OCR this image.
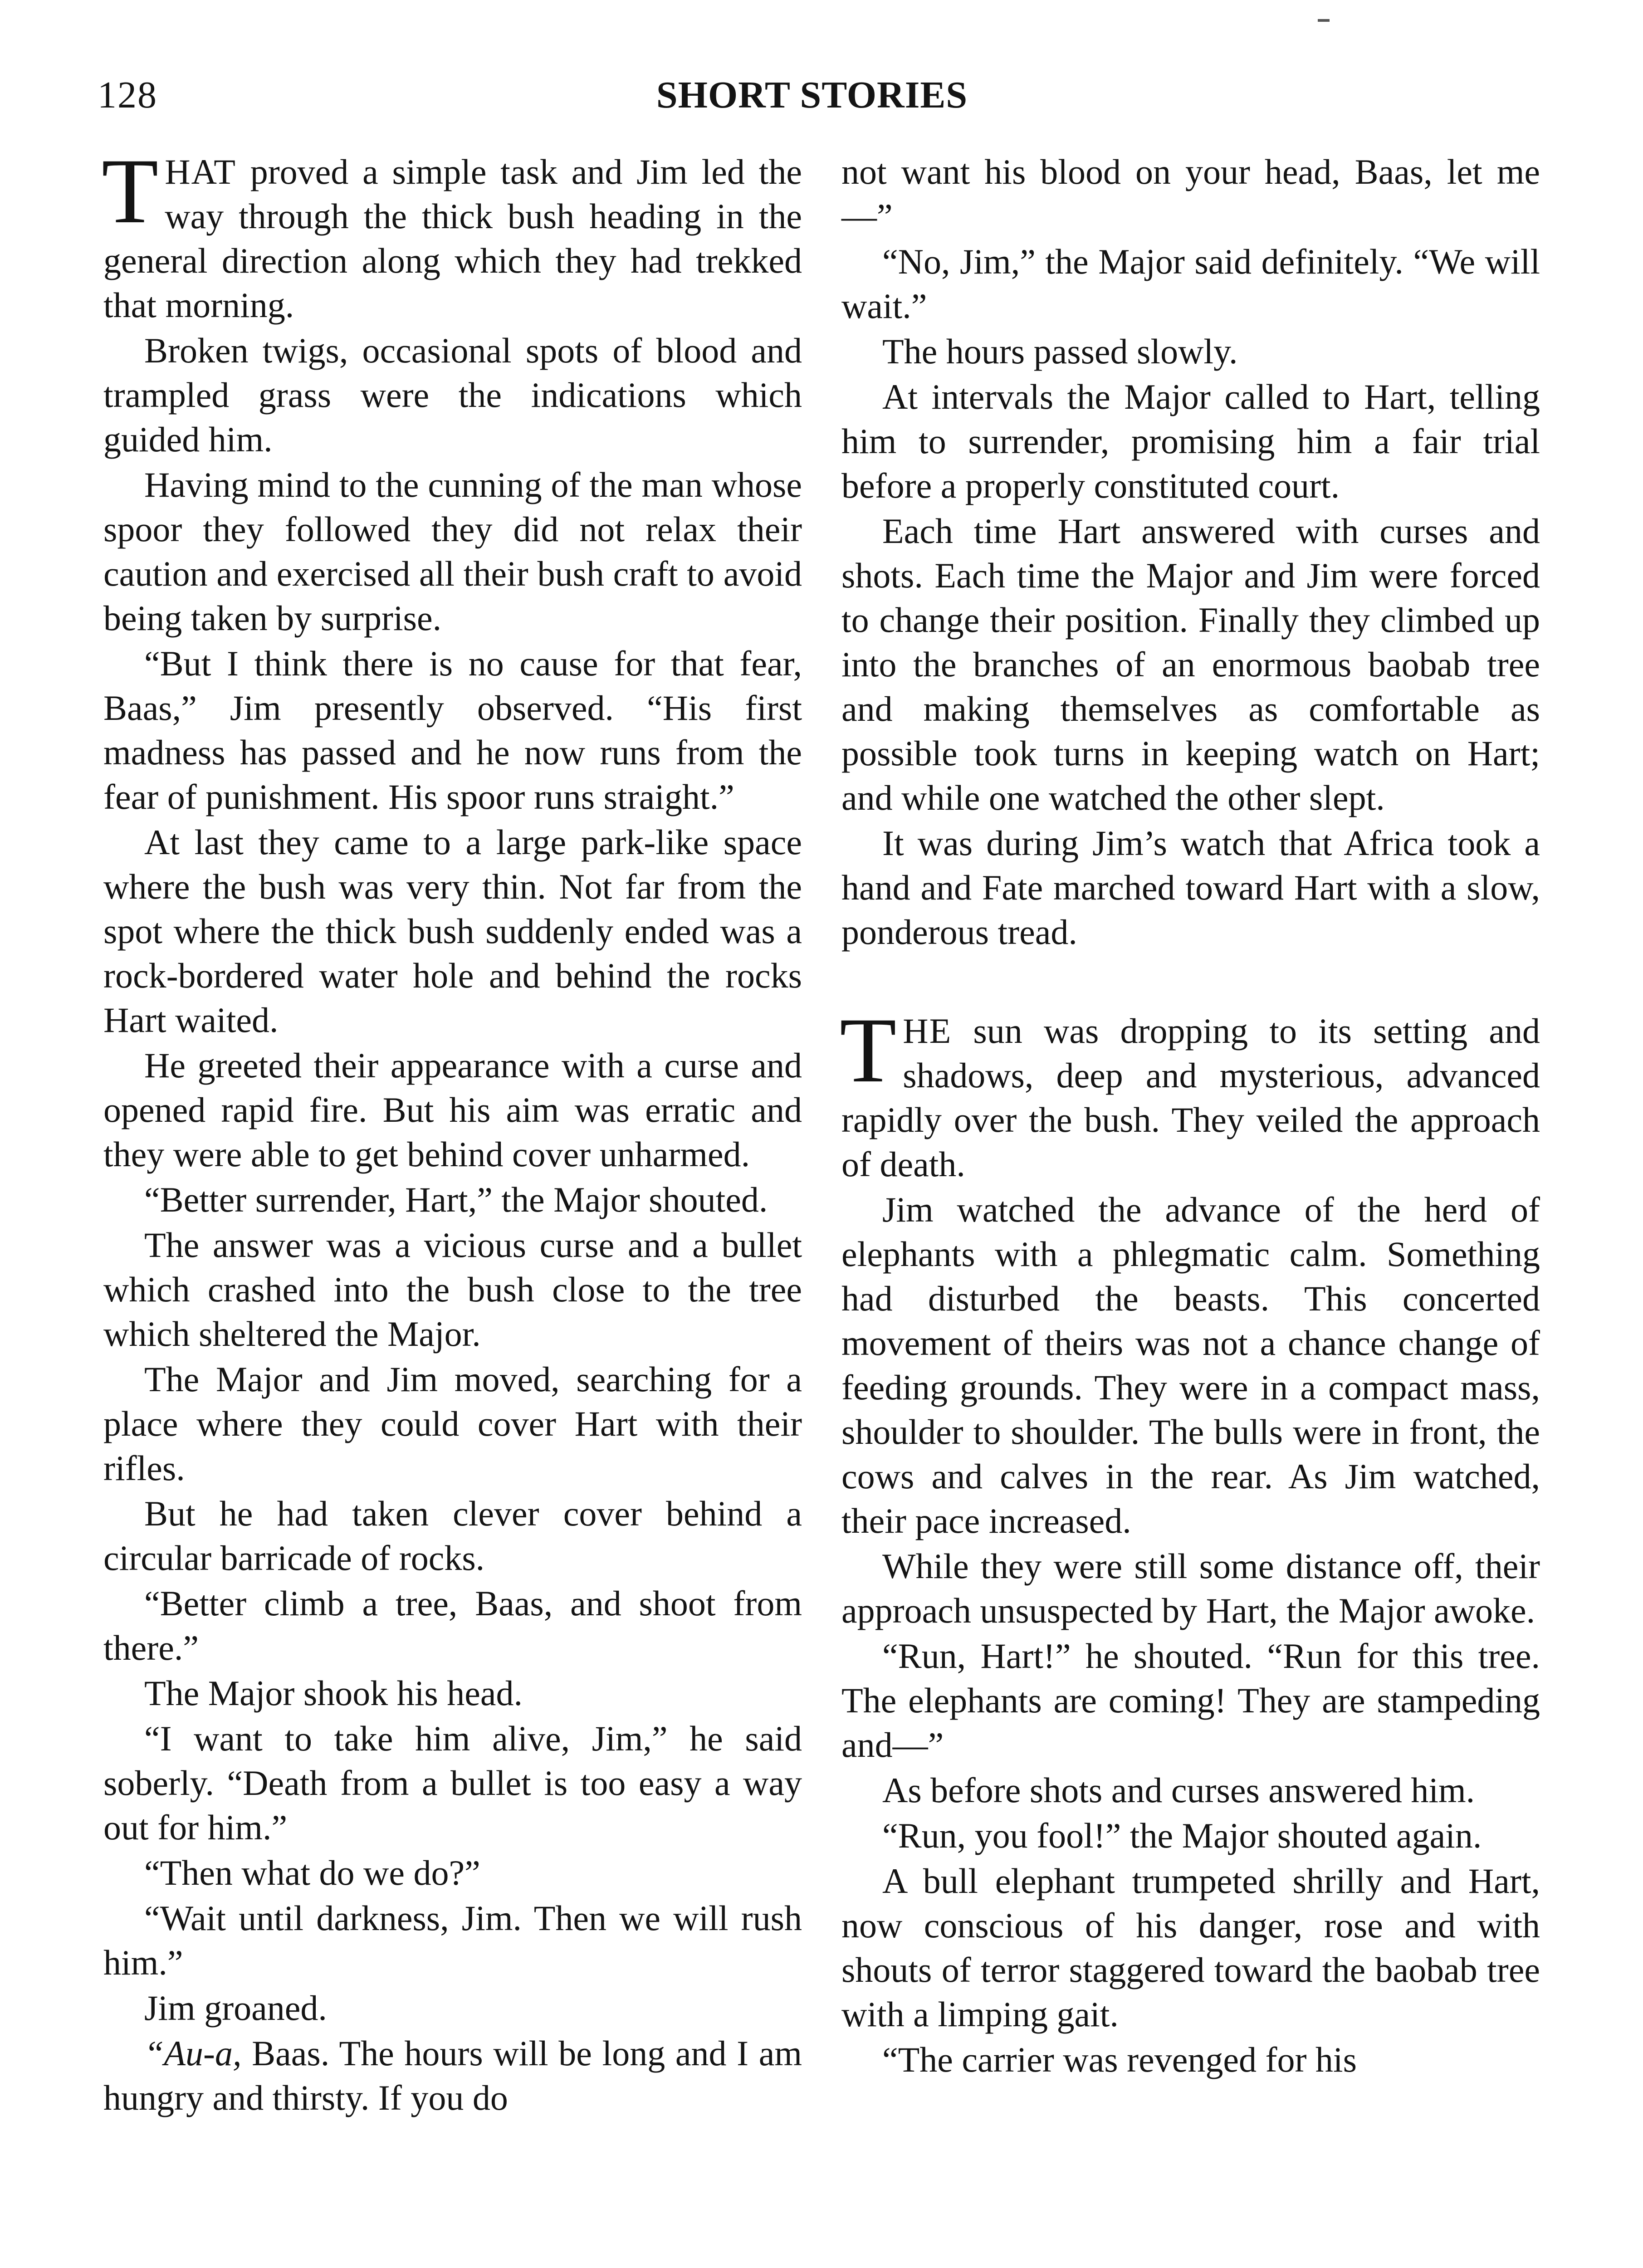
128	SHORT STORIES

THAT proved a simple task and Jim led the way through the thick bush heading in the general direction along which they had trekked that morning.

Broken twigs, occasional spots of blood and trampled grass were the indications which guided him.

Having mind to the cunning of the man whose spoor they followed they did not relax their caution and exercised all their bush craft to avoid being taken by surprise.

“But I think there is no cause for that fear, Baas,” Jim presently observed. “His first madness has passed and he now runs from the fear of punishment. His spoor runs straight.”

At last they came to a large park-like space where the bush was very thin. Not far from the spot where the thick bush suddenly ended was a rock-bordered water hole and behind the rocks Hart waited.

He greeted their appearance with a curse and opened rapid fire. But his aim was erratic and they were able to get behind cover unharmed.

“Better surrender, Hart,” the Major shouted.

The answer was a vicious curse and a bullet which crashed into the bush close to the tree which sheltered the Major.

The Major and Jim moved, searching for a place where they could cover Hart with their rifles.

But he had taken clever cover behind a circular barricade of rocks.

“Better climb a tree, Baas, and shoot from there.”

The Major shook his head.

“I want to take him alive, Jim,” he said soberly. “Death from a bullet is too easy a way out for him.”

“Then what do we do?”

“Wait until darkness, Jim. Then we will rush him.”

Jim groaned.

“Au-a, Baas. The hours will be long and I am hungry and thirsty. If you do

not want his blood on your head, Baas, let me—”

“No, Jim,” the Major said definitely. “We will wait.”

The hours passed slowly.

At intervals the Major called to Hart, telling him to surrender, promising him a fair trial before a properly constituted court.

Each time Hart answered with curses and shots. Each time the Major and Jim were forced to change their position. Finally they climbed up into the branches of an enormous baobab tree and making themselves as comfortable as possible took turns in keeping watch on Hart; and while one watched the other slept.

It was during Jim’s watch that Africa took a hand and Fate marched toward Hart with a slow, ponderous tread.

THE sun was dropping to its setting and shadows, deep and mysterious, advanced rapidly over the bush. They veiled the approach of death.

Jim watched the advance of the herd of elephants with a phlegmatic calm. Something had disturbed the beasts. This concerted movement of theirs was not a chance change of feeding grounds. They were in a compact mass, shoulder to shoulder. The bulls were in front, the cows and calves in the rear. As Jim watched, their pace increased.

While they were still some distance off, their approach unsuspected by Hart, the Major awoke.

“Run, Hart!” he shouted. “Run for this tree. The elephants are coming! They are stampeding and—”

As before shots and curses answered him.

“Run, you fool!” the Major shouted again.

A bull elephant trumpeted shrilly and Hart, now conscious of his danger, rose and with shouts of terror staggered toward the baobab tree with a limping gait.

“The carrier was revenged for his
